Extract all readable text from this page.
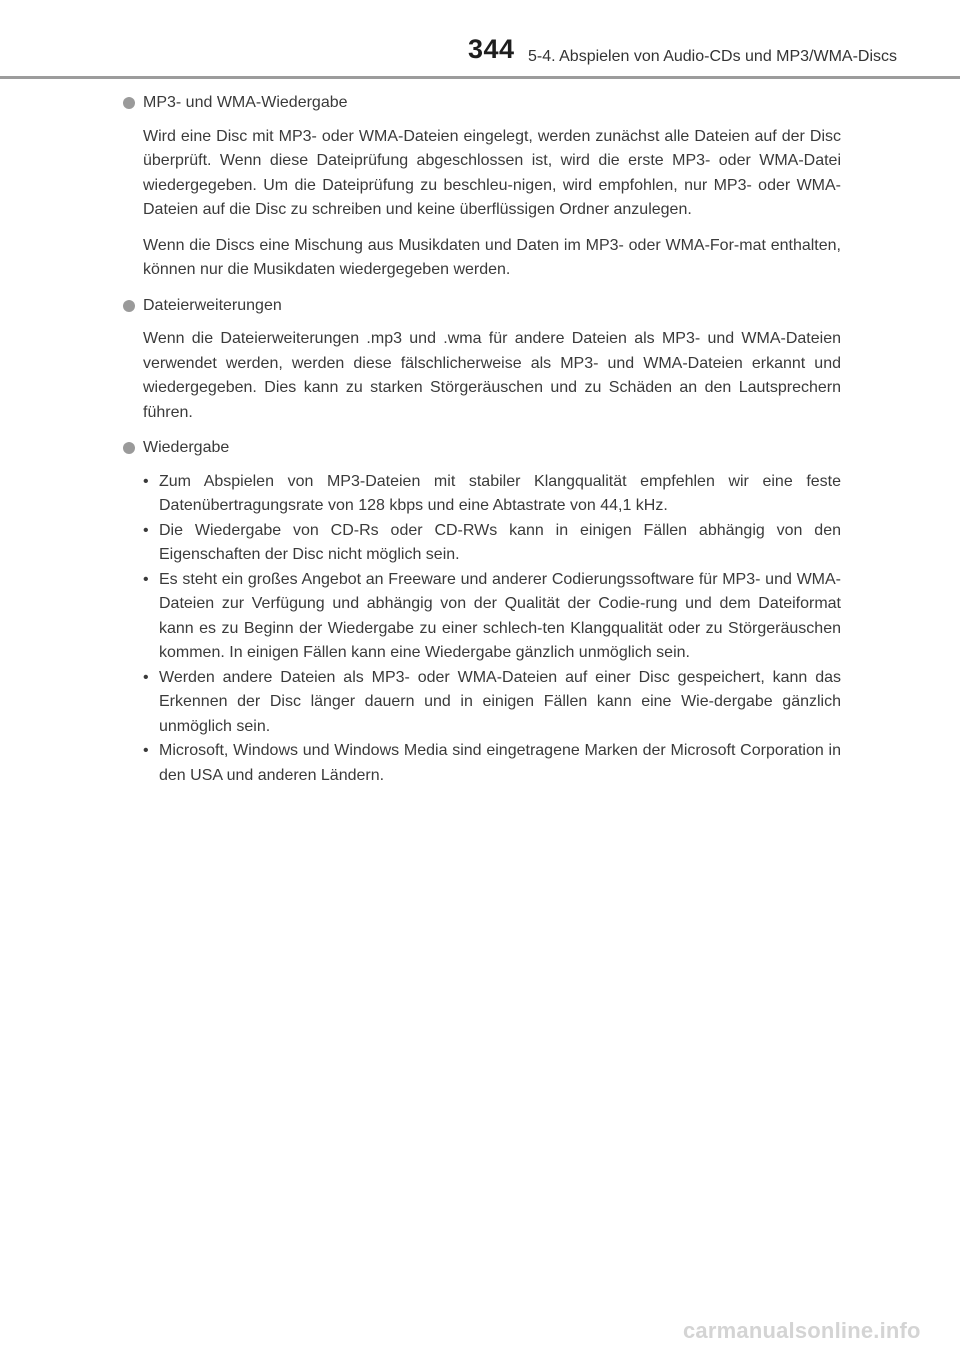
344 5-4. Abspielen von Audio-CDs und MP3/WMA-Discs
MP3- und WMA-Wiedergabe

Wird eine Disc mit MP3- oder WMA-Dateien eingelegt, werden zunächst alle Dateien auf der Disc überprüft. Wenn diese Dateiprüfung abgeschlossen ist, wird die erste MP3- oder WMA-Datei wiedergegeben. Um die Dateiprüfung zu beschleu-nigen, wird empfohlen, nur MP3- oder WMA-Dateien auf die Disc zu schreiben und keine überflüssigen Ordner anzulegen.

Wenn die Discs eine Mischung aus Musikdaten und Daten im MP3- oder WMA-For-mat enthalten, können nur die Musikdaten wiedergegeben werden.

Dateierweiterungen

Wenn die Dateierweiterungen .mp3 und .wma für andere Dateien als MP3- und WMA-Dateien verwendet werden, werden diese fälschlicherweise als MP3- und WMA-Dateien erkannt und wiedergegeben. Dies kann zu starken Störgeräuschen und zu Schäden an den Lautsprechern führen.

Wiedergabe
• Zum Abspielen von MP3-Dateien mit stabiler Klangqualität empfehlen wir eine feste Datenübertragungsrate von 128 kbps und eine Abtastrate von 44,1 kHz.
• Die Wiedergabe von CD-Rs oder CD-RWs kann in einigen Fällen abhängig von den Eigenschaften der Disc nicht möglich sein.
• Es steht ein großes Angebot an Freeware und anderer Codierungssoftware für MP3- und WMA-Dateien zur Verfügung und abhängig von der Qualität der Codie-rung und dem Dateiformat kann es zu Beginn der Wiedergabe zu einer schlech-ten Klangqualität oder zu Störgeräuschen kommen. In einigen Fällen kann eine Wiedergabe gänzlich unmöglich sein.
• Werden andere Dateien als MP3- oder WMA-Dateien auf einer Disc gespeichert, kann das Erkennen der Disc länger dauern und in einigen Fällen kann eine Wie-dergabe gänzlich unmöglich sein.
• Microsoft, Windows und Windows Media sind eingetragene Marken der Microsoft Corporation in den USA und anderen Ländern.
carmanualsonline.info
